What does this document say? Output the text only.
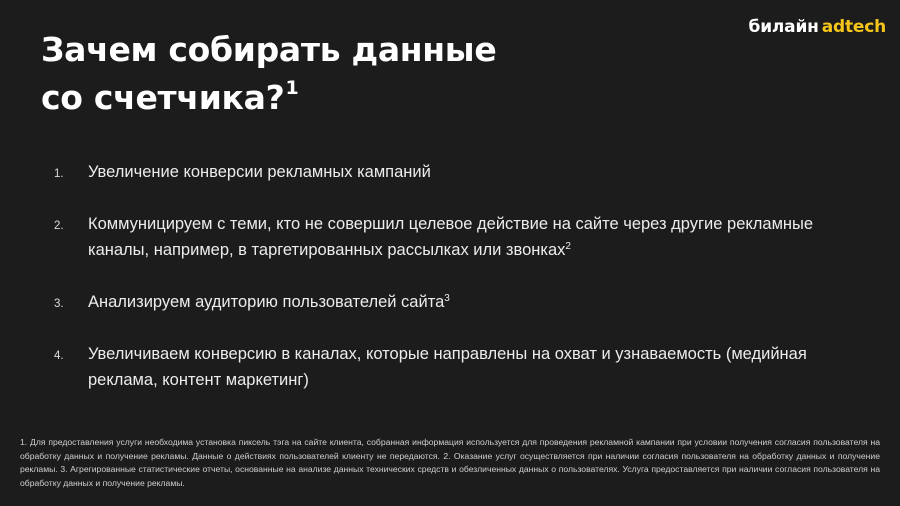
билайн adtech
Зачем собирать данные
со счетчика?$^1$
1. Увеличение конверсии рекламных кампаний
2. Коммуницируем с теми, кто не совершил целевое действие на сайте через другие рекламные каналы, например, в таргетированных рассылках или звонках$^2$
3. Анализируем аудиторию пользователей сайта$^3$
4. Увеличиваем конверсию в каналах, которые направлены на охват и узнаваемость (медийная реклама, контент маркетинг)

1. Для предоставления услуги необходима установка пиксель тэга на сайте клиента, собранная информация используется для проведения рекламной кампании при условии получения согласия пользователя на обработку данных и получение рекламы. Данные о действиях пользователей клиенту не передаются. 2. Оказание услуг осуществляется при наличии согласия пользователя на обработку данных и получение рекламы. 3. Агрегированные статистические отчеты, основанные на анализе данных технических средств и обезличенных данных о пользователях. Услуга предоставляется при наличии согласия пользователя на обработку данных и получение рекламы.
